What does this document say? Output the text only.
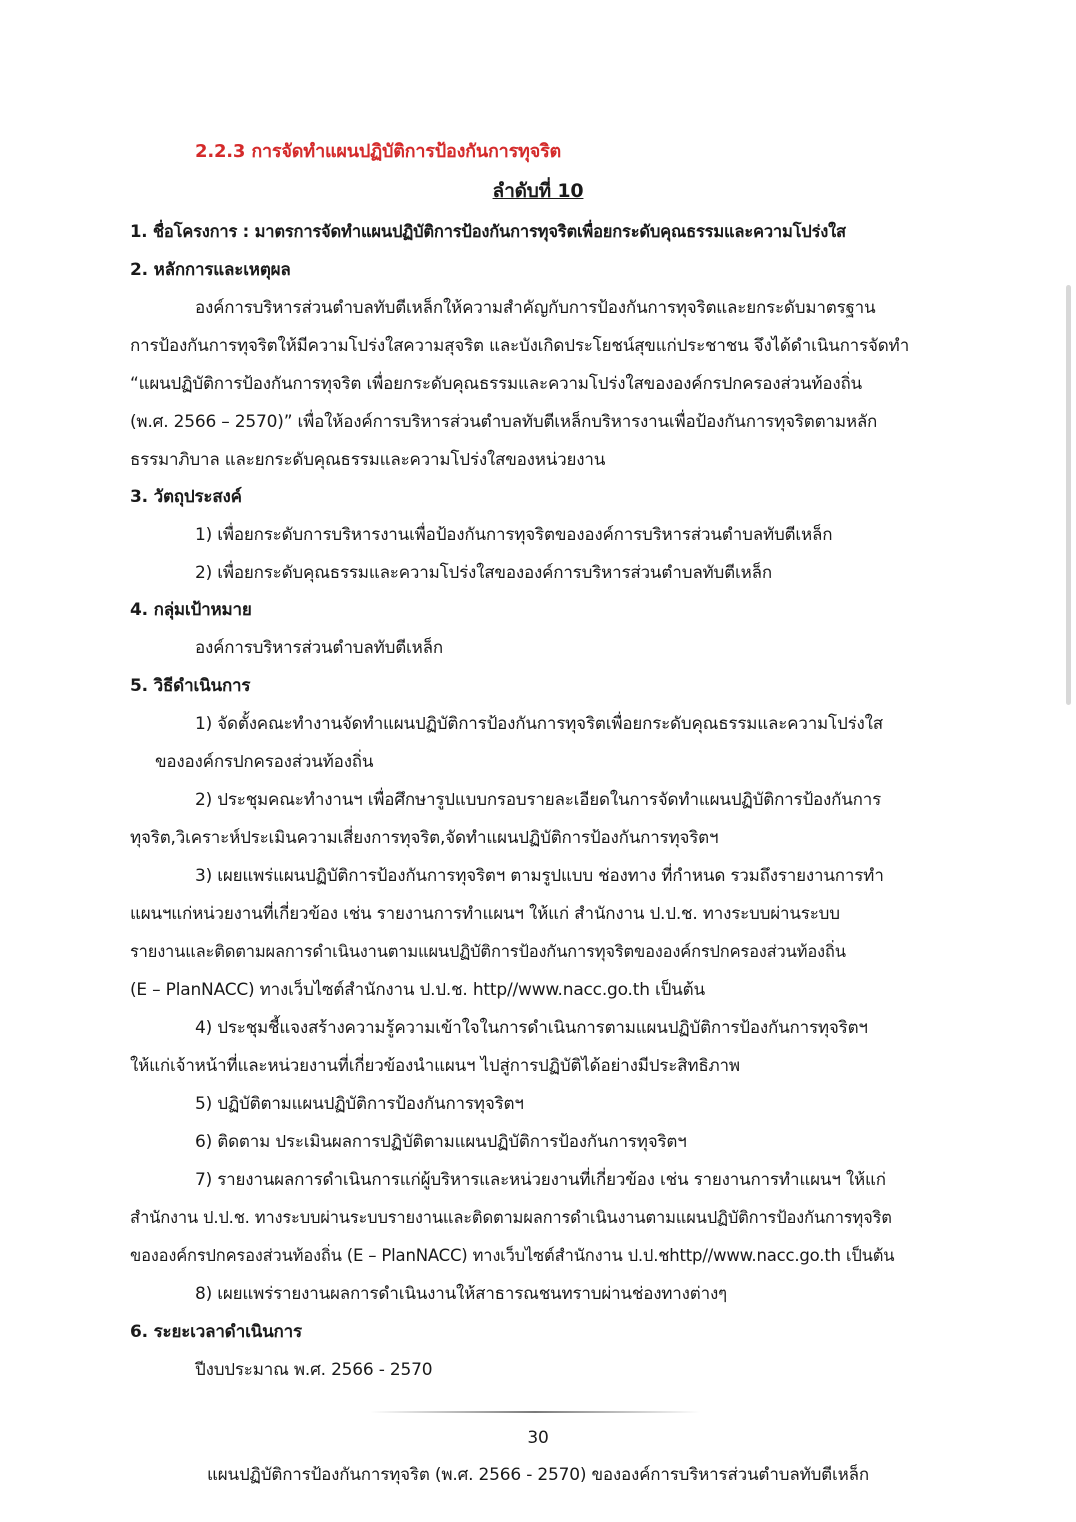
2.2.3 การจัดทำแผนปฏิบัติการป้องกันการทุจริต
ลำดับที่ 10
1. ชื่อโครงการ : มาตรการจัดทำแผนปฏิบัติการป้องกันการทุจริตเพื่อยกระดับคุณธรรมและความโปร่งใส
2. หลักการและเหตุผล
องค์การบริหารส่วนตำบลทับตีเหล็กให้ความสำคัญกับการป้องกันการทุจริตและยกระดับมาตรฐาน
การป้องกันการทุจริตให้มีความโปร่งใสความสุจริต และบังเกิดประโยชน์สุขแก่ประชาชน จึงได้ดำเนินการจัดทำ
“แผนปฏิบัติการป้องกันการทุจริต เพื่อยกระดับคุณธรรมและความโปร่งใสขององค์กรปกครองส่วนท้องถิ่น
(พ.ศ. 2566 – 2570)” เพื่อให้องค์การบริหารส่วนตำบลทับตีเหล็กบริหารงานเพื่อป้องกันการทุจริตตามหลัก
ธรรมาภิบาล และยกระดับคุณธรรมและความโปร่งใสของหน่วยงาน
3. วัตถุประสงค์
1) เพื่อยกระดับการบริหารงานเพื่อป้องกันการทุจริตขององค์การบริหารส่วนตำบลทับตีเหล็ก
2) เพื่อยกระดับคุณธรรมและความโปร่งใสขององค์การบริหารส่วนตำบลทับตีเหล็ก
4. กลุ่มเป้าหมาย
องค์การบริหารส่วนตำบลทับตีเหล็ก
5. วิธีดำเนินการ
1) จัดตั้งคณะทำงานจัดทำแผนปฏิบัติการป้องกันการทุจริตเพื่อยกระดับคุณธรรมและความโปร่งใส
ขององค์กรปกครองส่วนท้องถิ่น
2) ประชุมคณะทำงานฯ เพื่อศึกษารูปแบบกรอบรายละเอียดในการจัดทำแผนปฏิบัติการป้องกันการ
ทุจริต,วิเคราะห์ประเมินความเสี่ยงการทุจริต,จัดทำแผนปฏิบัติการป้องกันการทุจริตฯ
3) เผยแพร่แผนปฏิบัติการป้องกันการทุจริตฯ ตามรูปแบบ ช่องทาง ที่กำหนด รวมถึงรายงานการทำ
แผนฯแก่หน่วยงานที่เกี่ยวข้อง เช่น รายงานการทำแผนฯ ให้แก่ สำนักงาน ป.ป.ช. ทางระบบผ่านระบบ
รายงานและติดตามผลการดำเนินงานตามแผนปฏิบัติการป้องกันการทุจริตขององค์กรปกครองส่วนท้องถิ่น
(E – PlanNACC) ทางเว็บไซต์สำนักงาน ป.ป.ช. http//www.nacc.go.th เป็นต้น
4) ประชุมชี้แจงสร้างความรู้ความเข้าใจในการดำเนินการตามแผนปฏิบัติการป้องกันการทุจริตฯ
ให้แก่เจ้าหน้าที่และหน่วยงานที่เกี่ยวข้องนำแผนฯ ไปสู่การปฏิบัติได้อย่างมีประสิทธิภาพ
5) ปฏิบัติตามแผนปฏิบัติการป้องกันการทุจริตฯ
6) ติดตาม ประเมินผลการปฏิบัติตามแผนปฏิบัติการป้องกันการทุจริตฯ
7) รายงานผลการดำเนินการแก่ผู้บริหารและหน่วยงานที่เกี่ยวข้อง เช่น รายงานการทำแผนฯ ให้แก่
สำนักงาน ป.ป.ช. ทางระบบผ่านระบบรายงานและติดตามผลการดำเนินงานตามแผนปฏิบัติการป้องกันการทุจริต
ขององค์กรปกครองส่วนท้องถิ่น (E – PlanNACC) ทางเว็บไซต์สำนักงาน ป.ป.ชhttp//www.nacc.go.th เป็นต้น
8) เผยแพร่รายงานผลการดำเนินงานให้สาธารณชนทราบผ่านช่องทางต่างๆ
6. ระยะเวลาดำเนินการ
ปีงบประมาณ พ.ศ. 2566 - 2570
30
แผนปฏิบัติการป้องกันการทุจริต (พ.ศ. 2566 - 2570) ขององค์การบริหารส่วนตำบลทับตีเหล็ก
